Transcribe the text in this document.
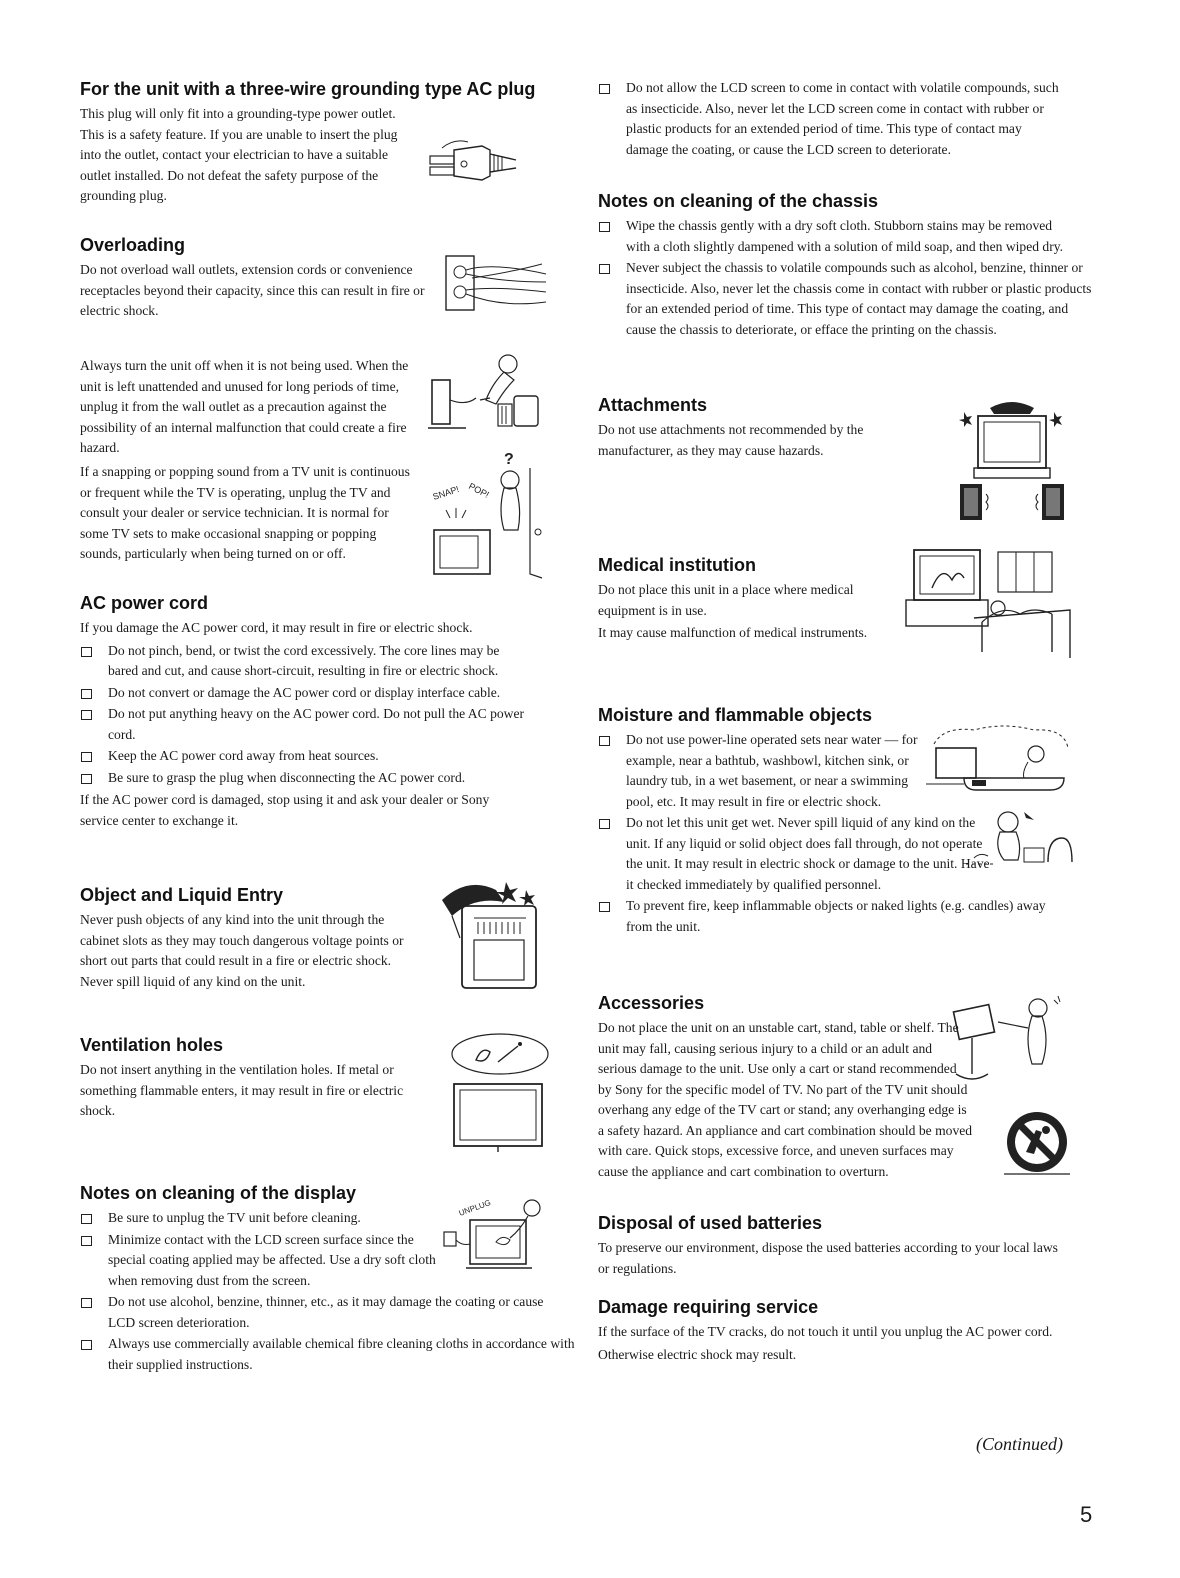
For the unit with a three-wire grounding type AC plug

This plug will only fit into a grounding-type power outlet. This is a safety feature. If you are unable to insert the plug into the outlet, contact your electrician to have a suitable outlet installed. Do not defeat the safety purpose of the grounding plug.

Overloading

Do not overload wall outlets, extension cords or convenience receptacles beyond their capacity, since this can result in fire or electric shock.

Always turn the unit off when it is not being used. When the unit is left unattended and unused for long periods of time, unplug it from the wall outlet as a precaution against the possibility of an internal malfunction that could create a fire hazard.

If a snapping or popping sound from a TV unit is continuous or frequent while the TV is operating, unplug the TV and consult your dealer or service technician. It is normal for some TV sets to make occasional snapping or popping sounds, particularly when being turned on or off.

?
SNAP! POP!
AC power cord

If you damage the AC power cord, it may result in fire or electric shock.

Do not pinch, bend, or twist the cord excessively. The core lines may be bared and cut, and cause short-circuit, resulting in fire or electric shock.
Do not convert or damage the AC power cord or display interface cable.
Do not put anything heavy on the AC power cord. Do not pull the AC power cord.
Keep the AC power cord away from heat sources.
Be sure to grasp the plug when disconnecting the AC power cord.

If the AC power cord is damaged, stop using it and ask your dealer or Sony service center to exchange it.

Object and Liquid Entry

Never push objects of any kind into the unit through the cabinet slots as they may touch dangerous voltage points or short out parts that could result in a fire or electric shock. Never spill liquid of any kind on the unit.

Ventilation holes

Do not insert anything in the ventilation holes. If metal or something flammable enters, it may result in fire or electric shock.

Notes on cleaning of the display
Be sure to unplug the TV unit before cleaning.
Minimize contact with the LCD screen surface since the special coating applied may be affected. Use a dry soft cloth when removing dust from the screen.
Do not use alcohol, benzine, thinner, etc., as it may damage the coating or cause LCD screen deterioration.
Always use commercially available chemical fibre cleaning cloths in accordance with their supplied instructions.
UNPLUG
Do not allow the LCD screen to come in contact with volatile compounds, such as insecticide. Also, never let the LCD screen come in contact with rubber or plastic products for an extended period of time. This type of contact may damage the coating, or cause the LCD screen to deteriorate.
Notes on cleaning of the chassis
Wipe the chassis gently with a dry soft cloth. Stubborn stains may be removed with a cloth slightly dampened with a solution of mild soap, and then wiped dry.
Never subject the chassis to volatile compounds such as alcohol, benzine, thinner or insecticide. Also, never let the chassis come in contact with rubber or plastic products for an extended period of time. This type of contact may damage the coating, and cause the chassis to deteriorate, or efface the printing on the chassis.
Attachments

Do not use attachments not recommended by the manufacturer, as they may cause hazards.

Medical institution

Do not place this unit in a place where medical equipment is in use.

It may cause malfunction of medical instruments.

Moisture and flammable objects
Do not use power-line operated sets near water — for example, near a bathtub, washbowl, kitchen sink, or laundry tub, in a wet basement, or near a swimming pool, etc. It may result in fire or electric shock.
Do not let this unit get wet. Never spill liquid of any kind on the unit. If any liquid or solid object does fall through, do not operate the unit. It may result in electric shock or damage to the unit. Have it checked immediately by qualified personnel.
To prevent fire, keep inflammable objects or naked lights (e.g. candles) away from the unit.
Accessories

Do not place the unit on an unstable cart, stand, table or shelf. The unit may fall, causing serious injury to a child or an adult and serious damage to the unit. Use only a cart or stand recommended by Sony for the specific model of TV. No part of the TV unit should overhang any edge of the TV cart or stand; any overhanging edge is a safety hazard. An appliance and cart combination should be moved with care. Quick stops, excessive force, and uneven surfaces may cause the appliance and cart combination to overturn.

Disposal of used batteries

To preserve our environment, dispose the used batteries according to your local laws or regulations.

Damage requiring service

If the surface of the TV cracks, do not touch it until you unplug the AC power cord.

Otherwise electric shock may result.

(Continued)
5
